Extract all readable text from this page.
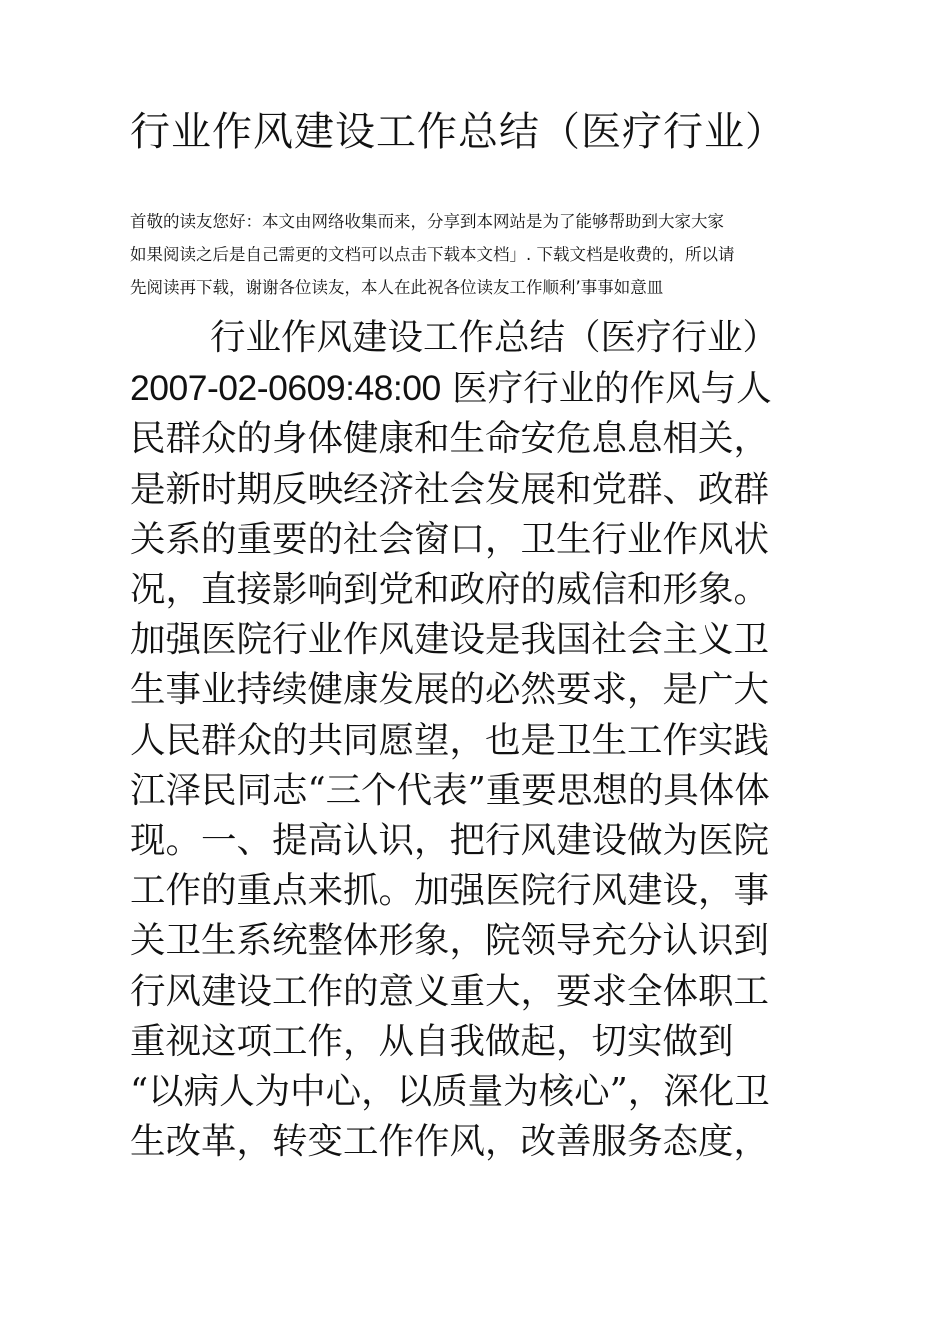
行业作风建设工作总结（医疗行业）
首敬的读友您好：本文由网络收集而来，分享到本网站是为了能够帮助到大家大家
如果阅读之后是自己需更的文档可以点击下载本文档」. 下载文档是收费的，所以请
先阅读再下载，谢谢各位读友，本人在此祝各位读友工作顺利’事事如意皿
行业作风建设工作总结（医疗行业）
2007-02-0609:48:00 医疗行业的作风与人
民群众的身体健康和生命安危息息相关，
是新时期反映经济社会发展和党群、政群
关系的重要的社会窗口，卫生行业作风状
况，直接影响到党和政府的威信和形象。
加强医院行业作风建设是我国社会主义卫
生事业持续健康发展的必然要求，是广大
人民群众的共同愿望，也是卫生工作实践
江泽民同志“三个代表”重要思想的具体体
现。一、提高认识，把行风建设做为医院
工作的重点来抓。加强医院行风建设，事
关卫生系统整体形象，院领导充分认识到
行风建设工作的意义重大，要求全体职工
重视这项工作，从自我做起，切实做到
“以病人为中心，以质量为核心”，深化卫
生改革，转变工作作风，改善服务态度，
